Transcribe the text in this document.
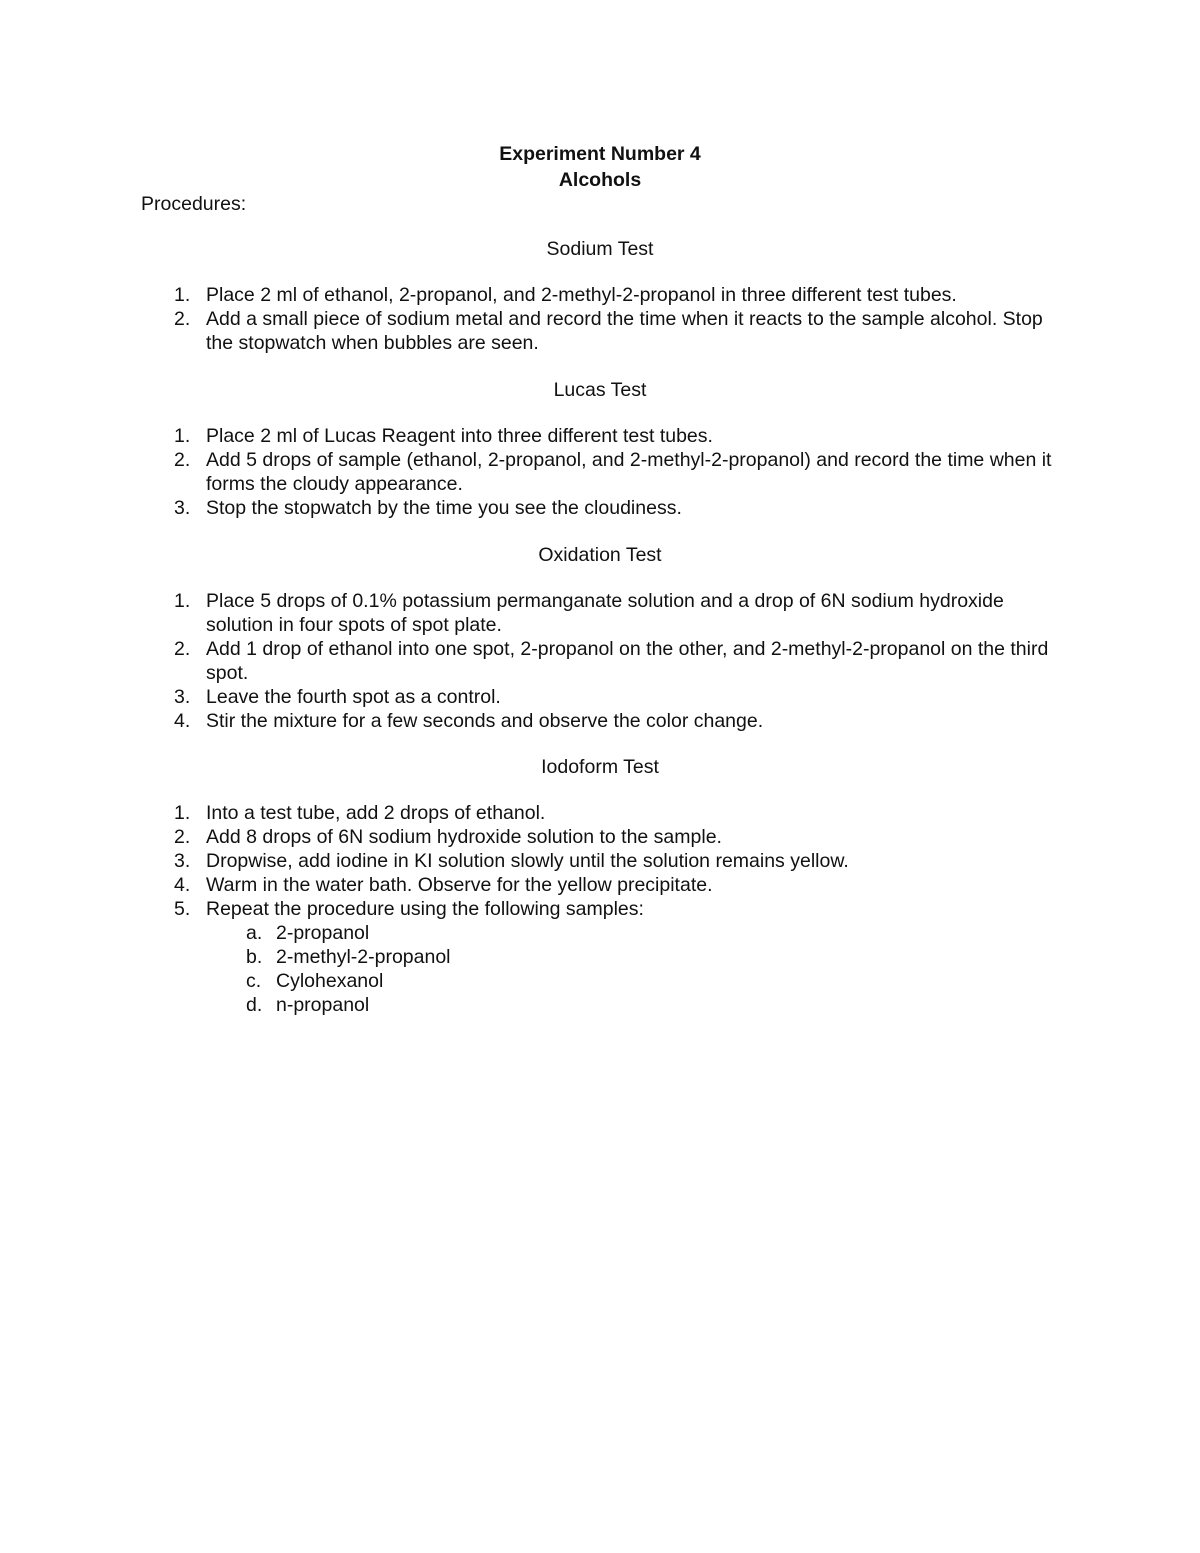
Experiment Number 4
Alcohols
Procedures:
Sodium Test
1. Place 2 ml of ethanol, 2-propanol, and 2-methyl-2-propanol in three different test tubes.
2. Add a small piece of sodium metal and record the time when it reacts to the sample alcohol. Stop the stopwatch when bubbles are seen.
Lucas Test
1. Place 2 ml of Lucas Reagent into three different test tubes.
2. Add 5 drops of sample (ethanol, 2-propanol, and 2-methyl-2-propanol) and record the time when it forms the cloudy appearance.
3. Stop the stopwatch by the time you see the cloudiness.
Oxidation Test
1. Place 5 drops of 0.1% potassium permanganate solution and a drop of 6N sodium hydroxide solution in four spots of spot plate.
2. Add 1 drop of ethanol into one spot, 2-propanol on the other, and 2-methyl-2-propanol on the third spot.
3. Leave the fourth spot as a control.
4. Stir the mixture for a few seconds and observe the color change.
Iodoform Test
1. Into a test tube, add 2 drops of ethanol.
2. Add 8 drops of 6N sodium hydroxide solution to the sample.
3. Dropwise, add iodine in KI solution slowly until the solution remains yellow.
4. Warm in the water bath. Observe for the yellow precipitate.
5. Repeat the procedure using the following samples:
a. 2-propanol
b. 2-methyl-2-propanol
c. Cylohexanol
d. n-propanol
